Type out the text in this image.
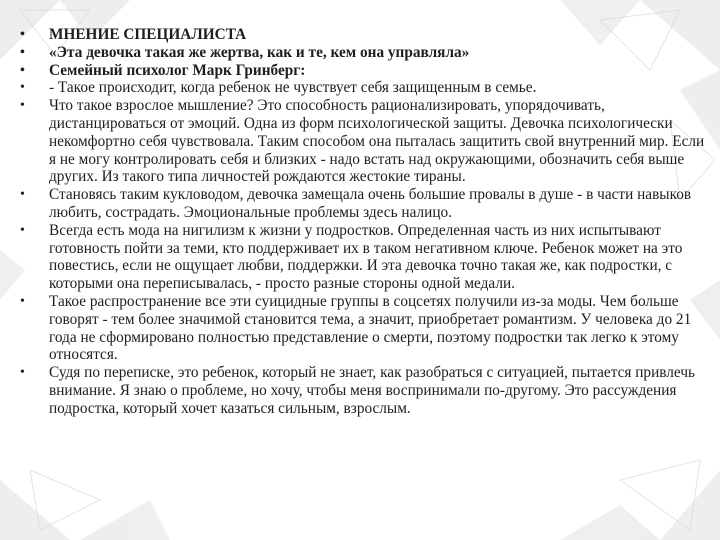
• МНЕНИЕ СПЕЦИАЛИСТА
• «Эта девочка такая же жертва, как и те, кем она управляла»
• Семейный психолог Марк Гринберг:
• - Такое происходит, когда ребенок не чувствует себя защищенным в семье.
• Что такое взрослое мышление? Это способность рационализировать, упорядочивать, дистанцироваться от эмоций. Одна из форм психологической защиты. Девочка психологически некомфортно себя чувствовала. Таким способом она пыталась защитить свой внутренний мир. Если я не могу контролировать себя и близких - надо встать над окружающими, обозначить себя выше других. Из такого типа личностей рождаются жестокие тираны.
• Становясь таким кукловодом, девочка замещала очень большие провалы в душе - в части навыков любить, сострадать. Эмоциональные проблемы здесь налицо.
• Всегда есть мода на нигилизм к жизни у подростков. Определенная часть из них испытывают готовность пойти за теми, кто поддерживает их в таком негативном ключе. Ребенок может на это повестись, если не ощущает любви, поддержки. И эта девочка точно такая же, как подростки, с которыми она переписывалась, - просто разные стороны одной медали.
• Такое распространение все эти суицидные группы в соцсетях получили из-за моды. Чем больше говорят - тем более значимой становится тема, а значит, приобретает романтизм. У человека до 21 года не сформировано полностью представление о смерти, поэтому подростки так легко к этому относятся.
• Судя по переписке, это ребенок, который не знает, как разобраться с ситуацией, пытается привлечь внимание. Я знаю о проблеме, но хочу, чтобы меня воспринимали по-другому. Это рассуждения подростка, который хочет казаться сильным, взрослым.
